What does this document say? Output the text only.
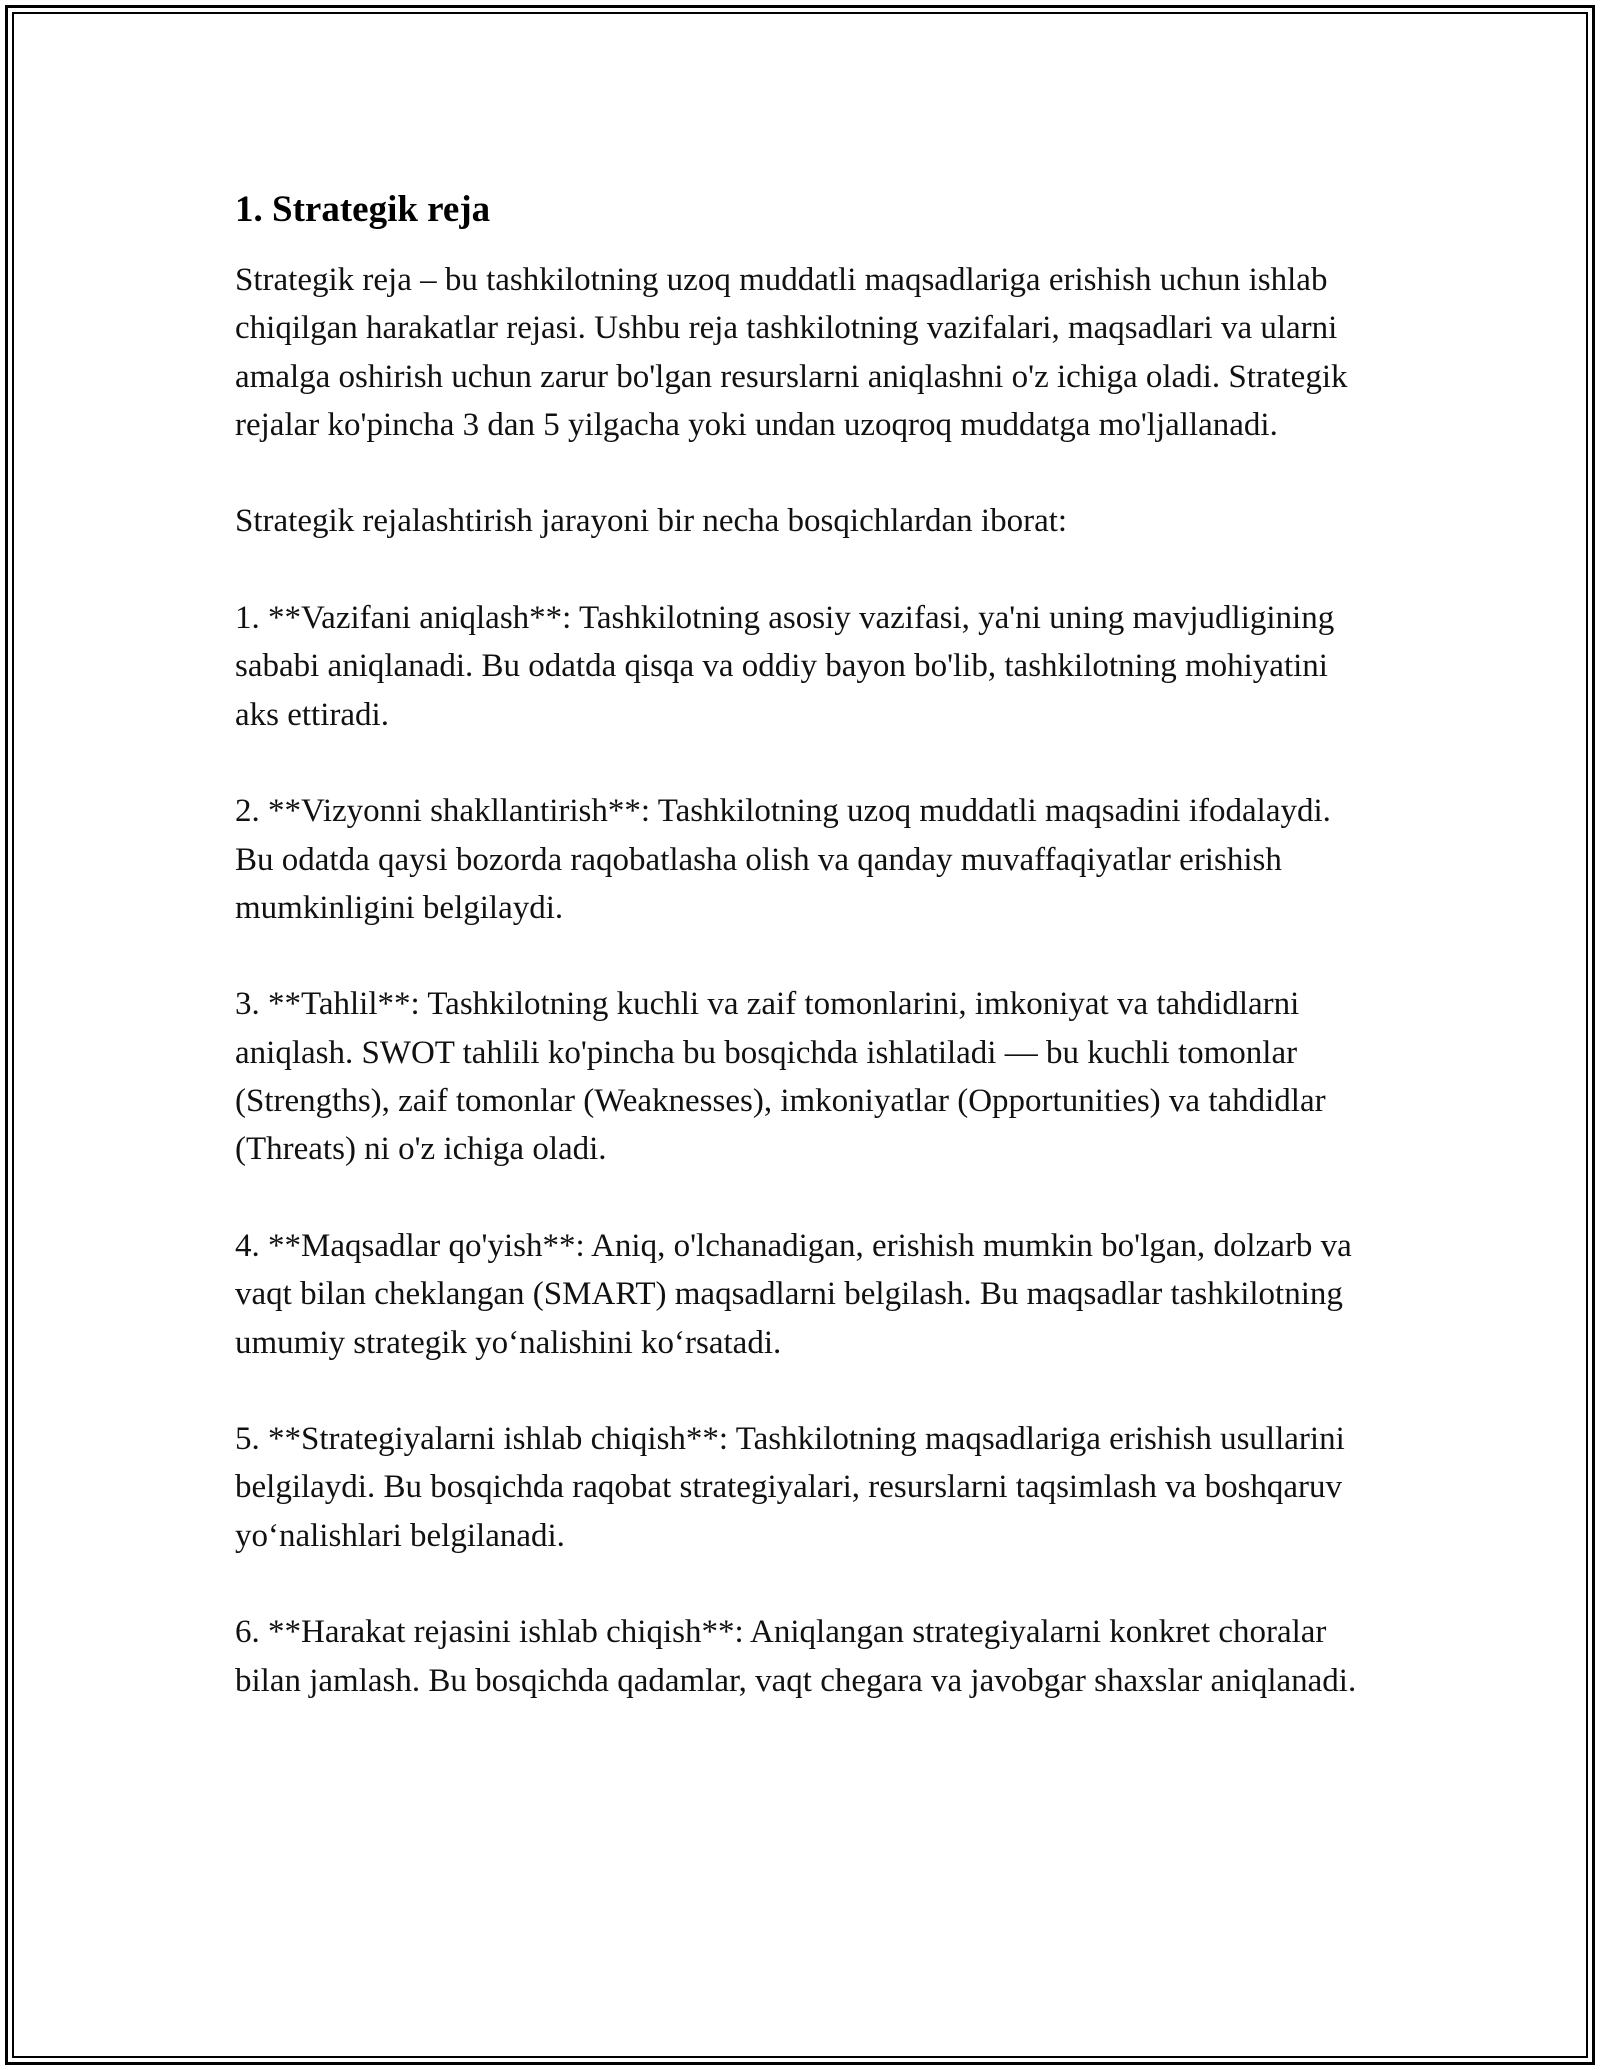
1. Strategik reja

Strategik reja – bu tashkilotning uzoq muddatli maqsadlariga erishish uchun ishlab chiqilgan harakatlar rejasi. Ushbu reja tashkilotning vazifalari, maqsadlari va ularni amalga oshirish uchun zarur bo'lgan resurslarni aniqlashni o'z ichiga oladi. Strategik rejalar ko'pincha 3 dan 5 yilgacha yoki undan uzoqroq muddatga mo'ljallanadi.

Strategik rejalashtirish jarayoni bir necha bosqichlardan iborat:

1. **Vazifani aniqlash**: Tashkilotning asosiy vazifasi, ya'ni uning mavjudligining sababi aniqlanadi. Bu odatda qisqa va oddiy bayon bo'lib, tashkilotning mohiyatini aks ettiradi.

2. **Vizyonni shakllantirish**: Tashkilotning uzoq muddatli maqsadini ifodalaydi. Bu odatda qaysi bozorda raqobatlasha olish va qanday muvaffaqiyatlar erishish mumkinligini belgilaydi.

3. **Tahlil**: Tashkilotning kuchli va zaif tomonlarini, imkoniyat va tahdidlarni aniqlash. SWOT tahlili ko'pincha bu bosqichda ishlatiladi — bu kuchli tomonlar (Strengths), zaif tomonlar (Weaknesses), imkoniyatlar (Opportunities) va tahdidlar (Threats) ni o'z ichiga oladi.

4. **Maqsadlar qo'yish**: Aniq, o'lchanadigan, erishish mumkin bo'lgan, dolzarb va vaqt bilan cheklangan (SMART) maqsadlarni belgilash. Bu maqsadlar tashkilotning umumiy strategik yoʻnalishini koʻrsatadi.

5. **Strategiyalarni ishlab chiqish**: Tashkilotning maqsadlariga erishish usullarini belgilaydi. Bu bosqichda raqobat strategiyalari, resurslarni taqsimlash va boshqaruv yoʻnalishlari belgilanadi.

6. **Harakat rejasini ishlab chiqish**: Aniqlangan strategiyalarni konkret choralar bilan jamlash. Bu bosqichda qadamlar, vaqt chegara va javobgar shaxslar aniqlanadi.
